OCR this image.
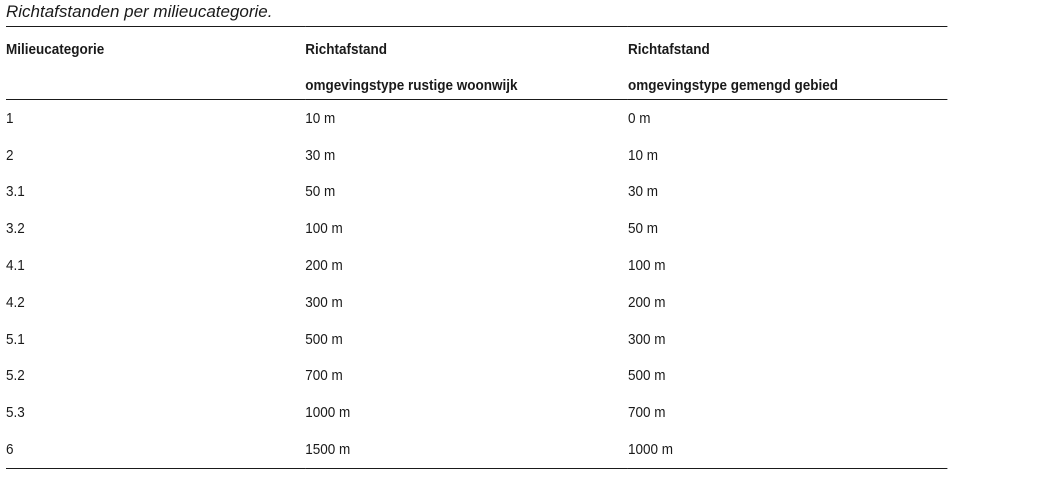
Richtafstanden per milieucategorie.
Milieucategorie	Richtafstand	Richtafstand
	omgevingstype rustige woonwijk	omgevingstype gemengd gebied
1	10 m	0 m
2	30 m	10 m
3.1	50 m	30 m
3.2	100 m	50 m
4.1	200 m	100 m
4.2	300 m	200 m
5.1	500 m	300 m
5.2	700 m	500 m
5.3	1000 m	700 m
6	1500 m	1000 m
